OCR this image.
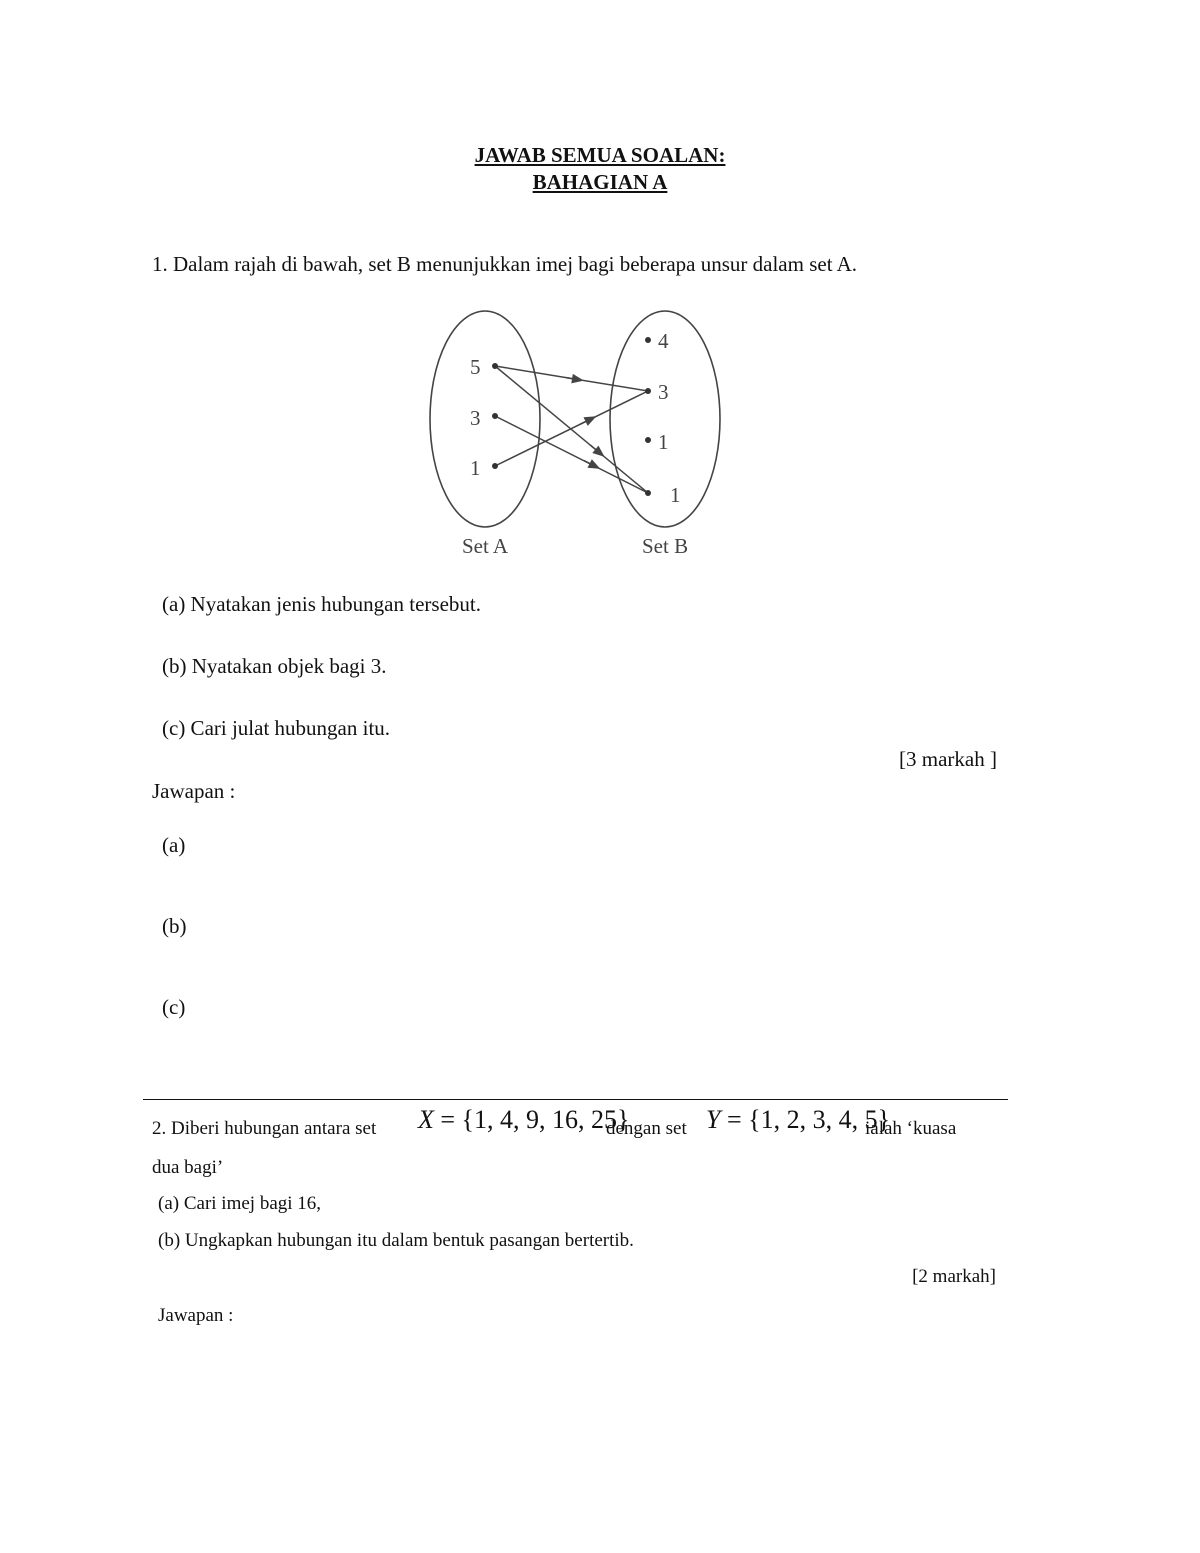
JAWAB SEMUA SOALAN:
BAHAGIAN A
1. Dalam rajah di bawah, set B menunjukkan imej bagi beberapa unsur dalam set A.
5
3
1
4
3
1
1
Set A	Set B
(a) Nyatakan jenis hubungan tersebut.
(b) Nyatakan objek bagi 3.
(c) Cari julat hubungan itu.
[3 markah ]
Jawapan :
(a)
(b)
(c)
2. Diberi hubungan antara set X = {1, 4, 9, 16, 25}
dengan set Y = {1, 2, 3, 4, 5}
ialah ‘kuasa
dua bagi’
(a) Cari imej bagi 16,
(b) Ungkapkan hubungan itu dalam bentuk pasangan bertertib.
[2 markah]
Jawapan :
